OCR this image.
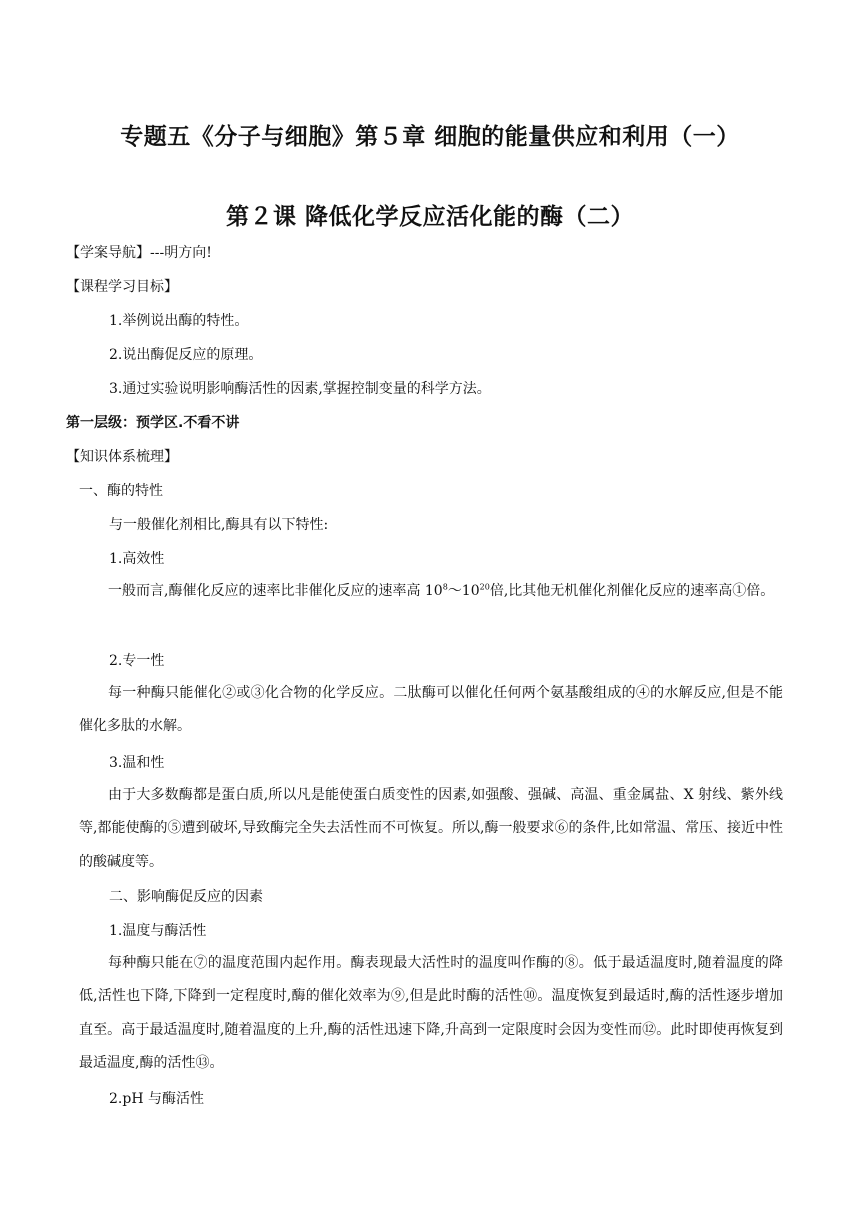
专题五《分子与细胞》第５章 细胞的能量供应和利用（一）
第２课 降低化学反应活化能的酶（二）
【学案导航】---明方向!
【课程学习目标】
1.举例说出酶的特性。
2.说出酶促反应的原理。
3.通过实验说明影响酶活性的因素,掌握控制变量的科学方法。
第一层级：预学区.不看不讲
【知识体系梳理】
一、酶的特性
与一般催化剂相比,酶具有以下特性:
1.高效性
一般而言,酶催化反应的速率比非催化反应的速率高 $10^8\sim 10^{20}$倍,比其他无机催化剂催化反应的速率高①倍。
2.专一性
每一种酶只能催化②或③化合物的化学反应。二肽酶可以催化任何两个氨基酸组成的④的水解反应,但是不能催化多肽的水解。
3.温和性
由于大多数酶都是蛋白质,所以凡是能使蛋白质变性的因素,如强酸、强碱、高温、重金属盐、X 射线、紫外线等,都能使酶的⑤遭到破坏,导致酶完全失去活性而不可恢复。所以,酶一般要求⑥的条件,比如常温、常压、接近中性的酸碱度等。
二、影响酶促反应的因素
1.温度与酶活性
每种酶只能在⑦的温度范围内起作用。酶表现最大活性时的温度叫作酶的⑧。低于最适温度时,随着温度的降低,活性也下降,下降到一定程度时,酶的催化效率为⑨,但是此时酶的活性⑩。温度恢复到最适时,酶的活性逐步增加直至。高于最适温度时,随着温度的上升,酶的活性迅速下降,升高到一定限度时会因为变性而⑫。此时即使再恢复到最适温度,酶的活性⑬。
2.pH 与酶活性
